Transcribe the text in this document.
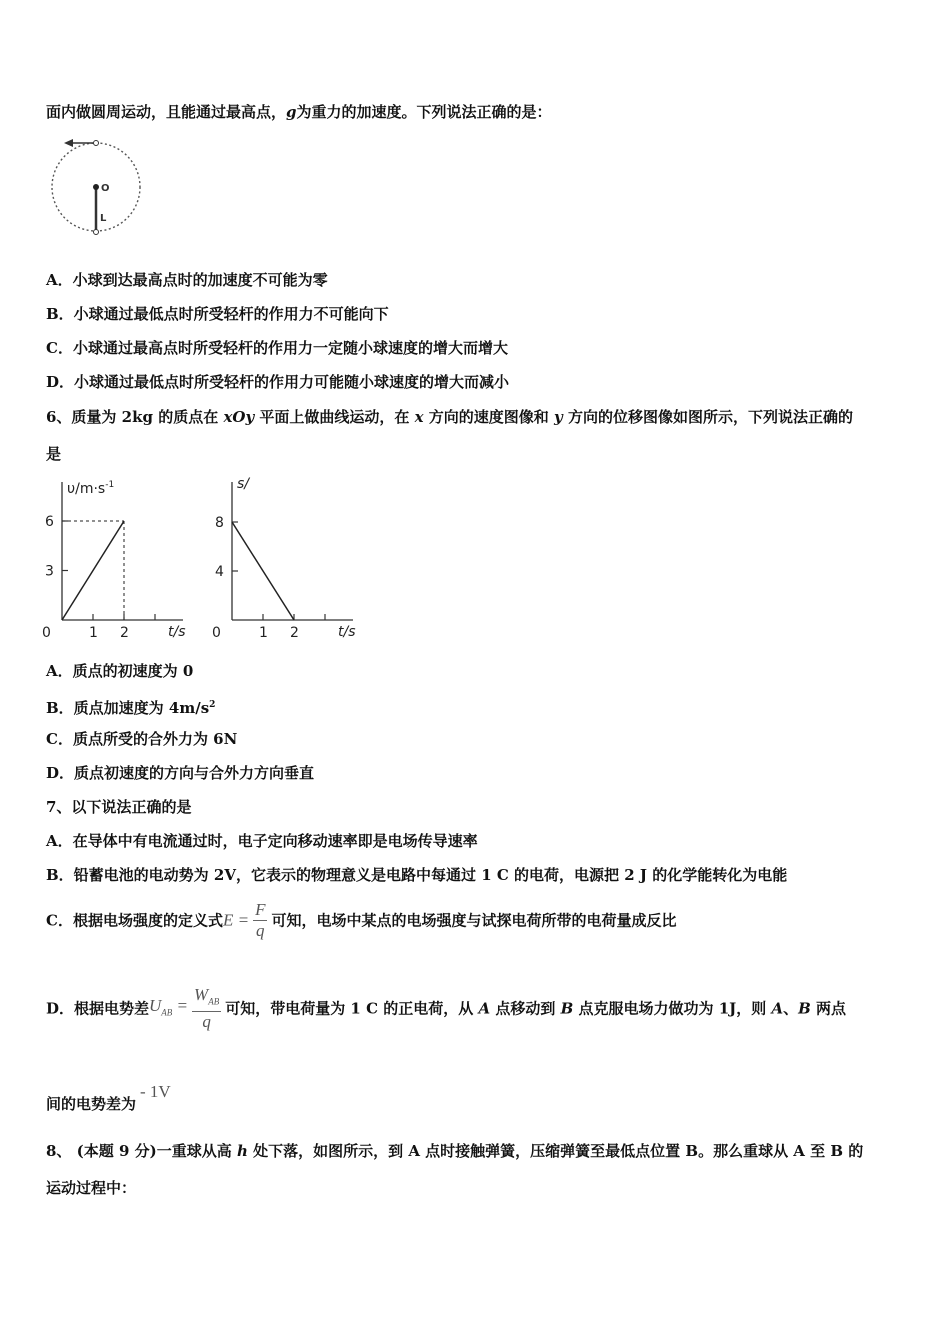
面内做圆周运动，且能通过最高点，g为重力的加速度。下列说法正确的是：
O
L
A．小球到达最高点时的加速度不可能为零
B．小球通过最低点时所受轻杆的作用力不可能向下
C．小球通过最高点时所受轻杆的作用力一定随小球速度的增大而增大
D．小球通过最低点时所受轻杆的作用力可能随小球速度的增大而减小
6、质量为 2kg 的质点在 xOy 平面上做曲线运动，在 x 方向的速度图像和 y 方向的位移图像如图所示，下列说法正确的
是
$\upsilon/m\cdot s^{-1}$
t/s
0	1 2
3
6
s/
t/s
0	1 2
4
8
A．质点的初速度为 0
B．质点加速度为 $4m/s^2$
C．质点所受的合外力为 6N
D．质点初速度的方向与合外力方向垂直
7、以下说法正确的是
A．在导体中有电流通过时，电子定向移动速率即是电场传导速率
B．铅蓄电池的电动势为 2V，它表示的物理意义是电路中每通过 1 C 的电荷，电源把 2 J 的化学能转化为电能
C．根据电场强度的定义式$E = \frac{F}{q}$ 可知，电场中某点的电场强度与试探电荷所带的电荷量成反比
D．根据电势差$U_{AB} = \frac{W_{AB}}{q}$ 可知，带电荷量为 1 C 的正电荷，从 A 点移动到 B 点克服电场力做功为 1J，则 A、B 两点
间的电势差为- 1V
8、 (本题 9 分)一重球从高 h 处下落，如图所示，到 A 点时接触弹簧，压缩弹簧至最低点位置 B。那么重球从 A 至 B 的
运动过程中：
